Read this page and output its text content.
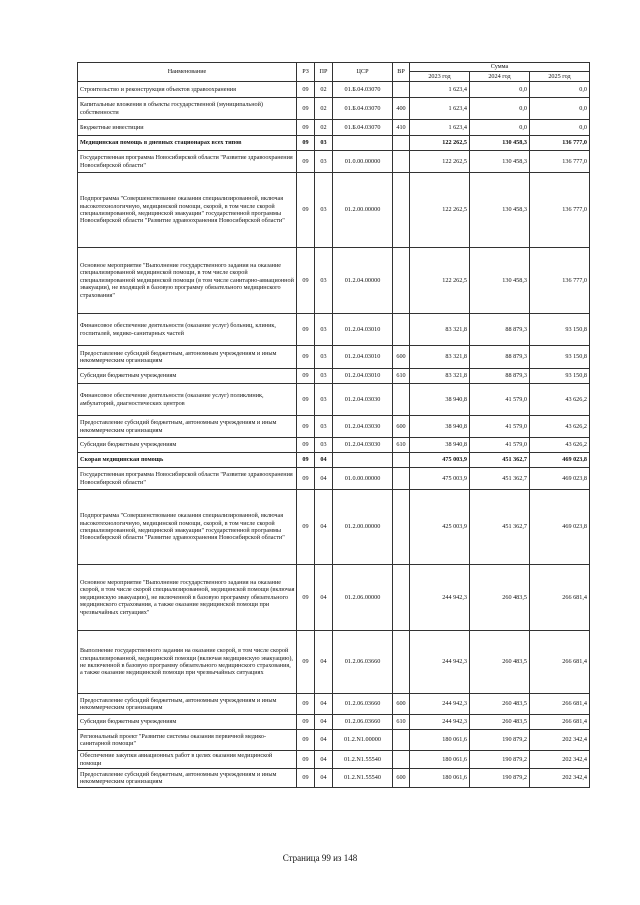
Наименование	РЗ	ПР	ЦСР	ВР	Сумма		
					2023 год	2024 год	2025 год
Строительство и реконструкция объектов здравоохранения	09	02	01.Б.04.03070		1 623,4	0,0	0,0
Капитальные вложения в объекты государственной (муниципальной) собственности	09	02	01.Б.04.03070	400	1 623,4	0,0	0,0
Бюджетные инвестиции	09	02	01.Б.04.03070	410	1 623,4	0,0	0,0
Медицинская помощь в дневных стационарах всех типов	09	03			122 262,5	130 458,3	136 777,0
Государственная программа Новосибирской области "Развитие здравоохранения Новосибирской области"	09	03	01.0.00.00000		122 262,5	130 458,3	136 777,0
Подпрограмма "Совершенствование оказания специализированной, включая высокотехнологичную, медицинской помощи, скорой, в том числе скорой специализированной, медицинской эвакуации" государственной программы Новосибирской области "Развитие здравоохранения Новосибирской области"	09	03	01.2.00.00000		122 262,5	130 458,3	136 777,0
Основное мероприятие "Выполнение государственного задания на оказание специализированной медицинской помощи, в том числе скорой специализированной медицинской помощи (в том числе санитарно-авиационной эвакуации), не входящей в базовую программу обязательного медицинского страхования"	09	03	01.2.04.00000		122 262,5	130 458,3	136 777,0
Финансовое обеспечение деятельности (оказание услуг) больниц, клиник, госпиталей, медико-санитарных частей	09	03	01.2.04.03010		83 321,8	88 879,3	93 150,8
Предоставление субсидий бюджетным, автономным учреждениям и иным некоммерческим организациям	09	03	01.2.04.03010	600	83 321,8	88 879,3	93 150,8
Субсидии бюджетным учреждениям	09	03	01.2.04.03010	610	83 321,8	88 879,3	93 150,8
Финансовое обеспечение деятельности (оказание услуг) поликлиник, амбулаторий, диагностических центров	09	03	01.2.04.03030		38 940,8	41 579,0	43 626,2
Предоставление субсидий бюджетным, автономным учреждениям и иным некоммерческим организациям	09	03	01.2.04.03030	600	38 940,8	41 579,0	43 626,2
Субсидии бюджетным учреждениям	09	03	01.2.04.03030	610	38 940,8	41 579,0	43 626,2
Скорая медицинская помощь	09	04			475 003,9	451 362,7	469 023,8
Государственная программа Новосибирской области "Развитие здравоохранения Новосибирской области"	09	04	01.0.00.00000		475 003,9	451 362,7	469 023,8
Подпрограмма "Совершенствование оказания специализированной, включая высокотехнологичную, медицинской помощи, скорой, в том числе скорой специализированной, медицинской эвакуации" государственной программы Новосибирской области "Развитие здравоохранения Новосибирской области"	09	04	01.2.00.00000		425 003,9	451 362,7	469 023,8
Основное мероприятие "Выполнение государственного задания на оказание скорой, в том числе скорой специализированной, медицинской помощи (включая медицинскую эвакуацию), не включенной в базовую программу обязательного медицинского страхования, а также оказание медицинской помощи при чрезвычайных ситуациях"	09	04	01.2.06.00000		244 942,3	260 483,5	266 681,4
Выполнение государственного задания на оказание скорой, в том числе скорой специализированной, медицинской помощи (включая медицинскую эвакуацию), не включенной в базовую программу обязательного медицинского страхования, а также оказание медицинской помощи при чрезвычайных ситуациях	09	04	01.2.06.03660		244 942,3	260 483,5	266 681,4
Предоставление субсидий бюджетным, автономным учреждениям и иным некоммерческим организациям	09	04	01.2.06.03660	600	244 942,3	260 483,5	266 681,4
Субсидии бюджетным учреждениям	09	04	01.2.06.03660	610	244 942,3	260 483,5	266 681,4
Региональный проект "Развитие системы оказания первичной медико-санитарной помощи"	09	04	01.2.N1.00000		180 061,6	190 879,2	202 342,4
Обеспечение закупки авиационных работ в целях оказания медицинской помощи	09	04	01.2.N1.55540		180 061,6	190 879,2	202 342,4
Предоставление субсидий бюджетным, автономным учреждениям и иным некоммерческим организациям	09	04	01.2.N1.55540	600	180 061,6	190 879,2	202 342,4
Страница 99 из 148
